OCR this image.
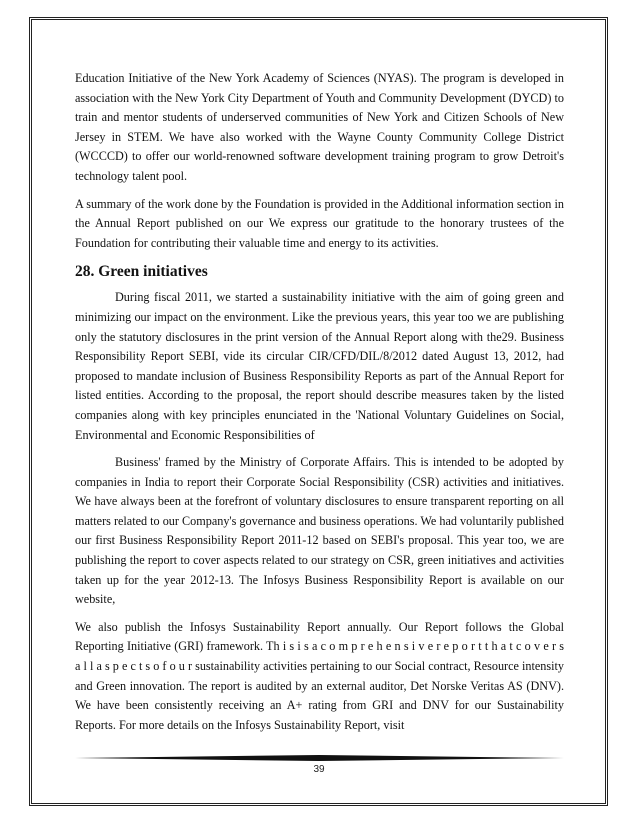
Education Initiative of the New York Academy of Sciences (NYAS). The program is developed in association with the New York City Department of Youth and Community Development (DYCD) to train and mentor students of underserved communities of New York and Citizen Schools of New Jersey in STEM. We have also worked with the Wayne County Community College District (WCCCD) to offer our world-renowned software development training program to grow Detroit's technology talent pool.

A summary of the work done by the Foundation is provided in the Additional information section in the Annual Report published on our We express our gratitude to the honorary trustees of the Foundation for contributing their valuable time and energy to its activities.

28. Green initiatives

During fiscal 2011, we started a sustainability initiative with the aim of going green and minimizing our impact on the environment. Like the previous years, this year too we are publishing only the statutory disclosures in the print version of the Annual Report along with the29. Business Responsibility Report SEBI, vide its circular CIR/CFD/DIL/8/2012 dated August 13, 2012, had proposed to mandate inclusion of Business Responsibility Reports as part of the Annual Report for listed entities. According to the proposal, the report should describe measures taken by the listed companies along with key principles enunciated in the 'National Voluntary Guidelines on Social, Environmental and Economic Responsibilities of

Business' framed by the Ministry of Corporate Affairs. This is intended to be adopted by companies in India to report their Corporate Social Responsibility (CSR) activities and initiatives. We have always been at the forefront of voluntary disclosures to ensure transparent reporting on all matters related to our Company's governance and business operations. We had voluntarily published our first Business Responsibility Report 2011-12 based on SEBI's proposal. This year too, we are publishing the report to cover aspects related to our strategy on CSR, green initiatives and activities taken up for the year 2012-13. The Infosys Business Responsibility Report is available on our website,

We also publish the Infosys Sustainability Report annually. Our Report follows the Global Reporting Initiative (GRI) framework. Th i s i s a c o m p r e h e n s i v e r e p o r t t h a t c o v e r s a l l a s p e c t s o f o u r sustainability activities pertaining to our Social contract, Resource intensity and Green innovation. The report is audited by an external auditor, Det Norske Veritas AS (DNV). We have been consistently receiving an A+ rating from GRI and DNV for our Sustainability Reports. For more details on the Infosys Sustainability Report, visit

39
